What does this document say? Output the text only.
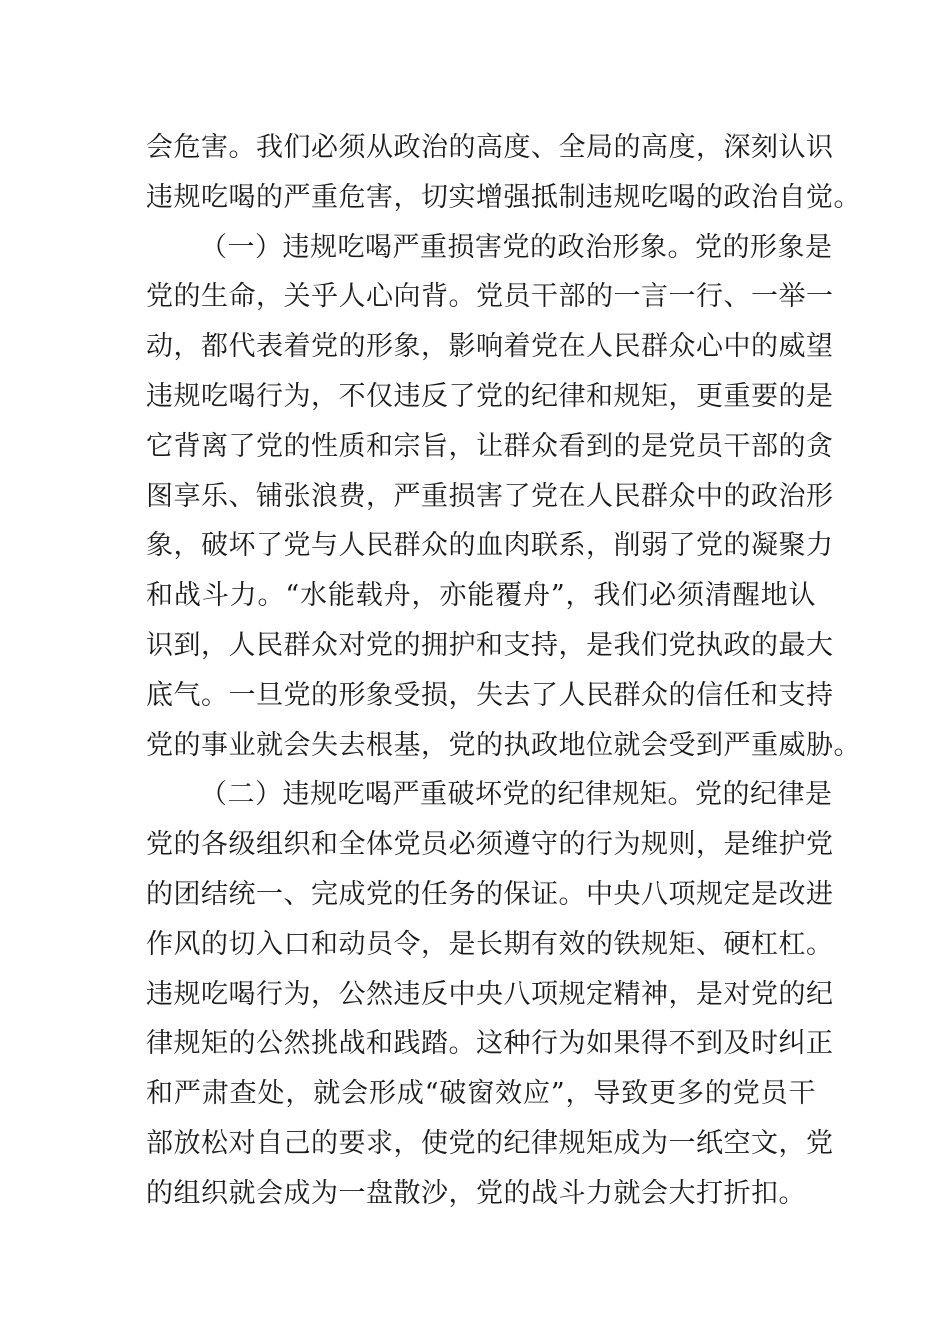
会危害。我们必须从政治的高度、全局的高度，深刻认识
违规吃喝的严重危害，切实增强抵制违规吃喝的政治自觉。
（一）违规吃喝严重损害党的政治形象。党的形象是
党的生命，关乎人心向背。党员干部的一言一行、一举一
动，都代表着党的形象，影响着党在人民群众心中的威望
违规吃喝行为，不仅违反了党的纪律和规矩，更重要的是
它背离了党的性质和宗旨，让群众看到的是党员干部的贪
图享乐、铺张浪费，严重损害了党在人民群众中的政治形
象，破坏了党与人民群众的血肉联系，削弱了党的凝聚力
和战斗力。“水能载舟，亦能覆舟”，我们必须清醒地认
识到，人民群众对党的拥护和支持，是我们党执政的最大
底气。一旦党的形象受损，失去了人民群众的信任和支持
党的事业就会失去根基，党的执政地位就会受到严重威胁。
（二）违规吃喝严重破坏党的纪律规矩。党的纪律是
党的各级组织和全体党员必须遵守的行为规则，是维护党
的团结统一、完成党的任务的保证。中央八项规定是改进
作风的切入口和动员令，是长期有效的铁规矩、硬杠杠。
违规吃喝行为，公然违反中央八项规定精神，是对党的纪
律规矩的公然挑战和践踏。这种行为如果得不到及时纠正
和严肃查处，就会形成“破窗效应”，导致更多的党员干
部放松对自己的要求，使党的纪律规矩成为一纸空文，党
的组织就会成为一盘散沙，党的战斗力就会大打折扣。
